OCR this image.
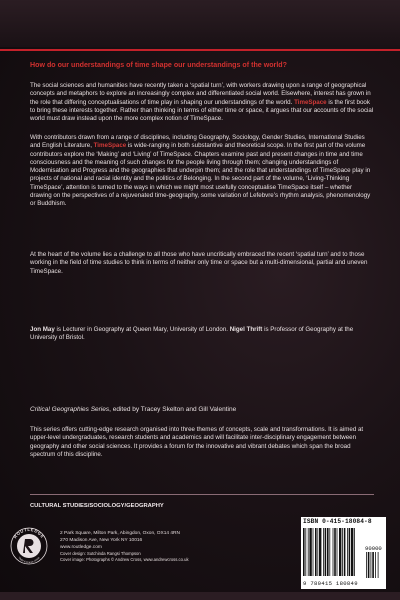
How do our understandings of time shape our understandings of the world?
The social sciences and humanities have recently taken a ‘spatial turn’, with workers drawing upon a range of geographical concepts and metaphors to explore an increasingly complex and differentiated social world. Elsewhere, interest has grown in the role that differing conceptualisations of time play in shaping our understandings of the world. TimeSpace is the first book to bring these interests together. Rather than thinking in terms of either time or space, it argues that our accounts of the social world must draw instead upon the more complex notion of TimeSpace.
With contributors drawn from a range of disciplines, including Geography, Sociology, Gender Studies, International Studies and English Literature, TimeSpace is wide-ranging in both substantive and theoretical scope. In the first part of the volume contributors explore the ‘Making’ and ‘Living’ of TimeSpace. Chapters examine past and present changes in time and time consciousness and the meaning of such changes for the people living through them; changing understandings of Modernisation and Progress and the geographies that underpin them; and the role that understandings of TimeSpace play in projects of national and racial identity and the politics of Belonging. In the second part of the volume, ‘Living-Thinking TimeSpace’, attention is turned to the ways in which we might most usefully conceptualise TimeSpace itself – whether drawing on the perspectives of a rejuvenated time-geography, some variation of Lefebvre’s rhythm analysis, phenomenology or Buddhism.
At the heart of the volume lies a challenge to all those who have uncritically embraced the recent ‘spatial turn’ and to those working in the field of time studies to think in terms of neither only time or space but a multi-dimensional, partial and uneven TimeSpace.
Jon May is Lecturer in Geography at Queen Mary, University of London. Nigel Thrift is Professor of Geography at the University of Bristol.
Critical Geographies Series, edited by Tracey Skelton and Gill Valentine
This series offers cutting-edge research organised into three themes of concepts, scale and transformations. It is aimed at upper-level undergraduates, research students and academics and will facilitate inter-disciplinary engagement between geography and other social sciences. It provides a forum for the innovative and vibrant debates which span the broad spectrum of this discipline.
CULTURAL STUDIES/SOCIOLOGY/GEOGRAPHY
ROUTLEDGE
Taylor & Francis Group
2 Park Square, Milton Park, Abingdon, Oxon, OX14 4RN
270 Madison Ave, New York NY 10016
www.routledge.com
Cover design: Sutchinda Rangsi Thompson
Cover image: Photographs © Andrew Cross, www.andrewcross.co.uk
ISBN 0-415-18084-8
9 780415 180849
90000
